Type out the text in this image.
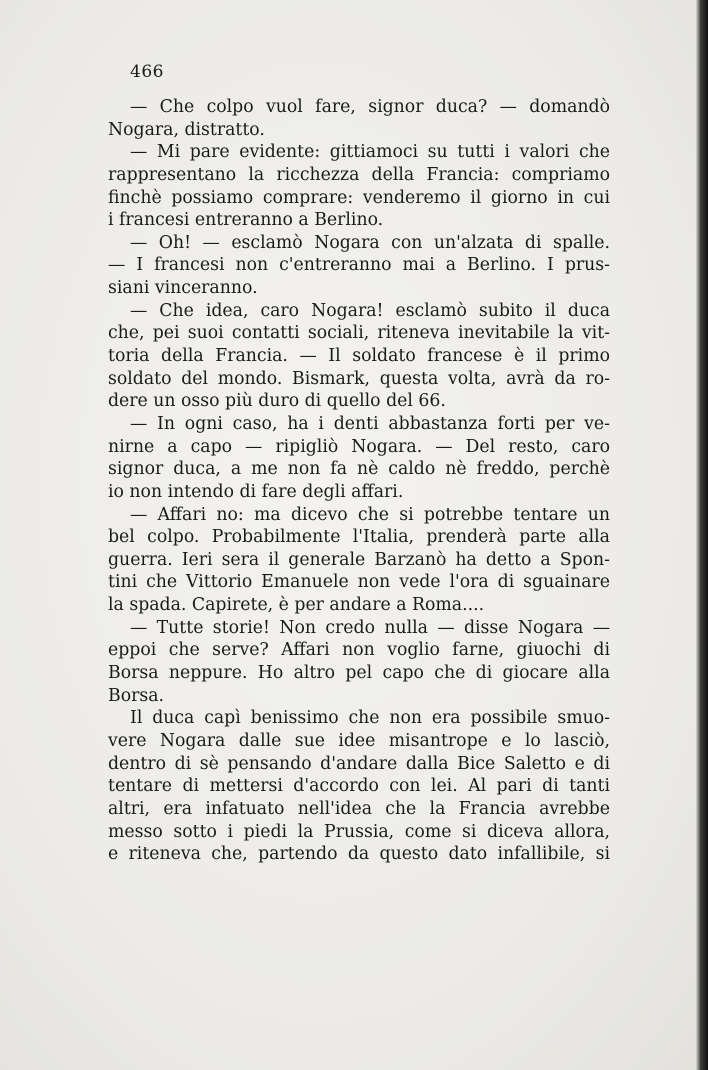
466
— Che colpo vuol fare, signor duca? — domandò
Nogara, distratto.
— Mi pare evidente: gittiamoci su tutti i valori che
rappresentano la ricchezza della Francia: compriamo
finchè possiamo comprare: venderemo il giorno in cui
i francesi entreranno a Berlino.
— Oh! — esclamò Nogara con un'alzata di spalle.
— I francesi non c'entreranno mai a Berlino. I prus-
siani vinceranno.
— Che idea, caro Nogara! esclamò subito il duca
che, pei suoi contatti sociali, riteneva inevitabile la vit-
toria della Francia. — Il soldato francese è il primo
soldato del mondo. Bismark, questa volta, avrà da ro-
dere un osso più duro di quello del 66.
— In ogni caso, ha i denti abbastanza forti per ve-
nirne a capo — ripigliò Nogara. — Del resto, caro
signor duca, a me non fa nè caldo nè freddo, perchè
io non intendo di fare degli affari.
— Affari no: ma dicevo che si potrebbe tentare un
bel colpo. Probabilmente l'Italia, prenderà parte alla
guerra. Ieri sera il generale Barzanò ha detto a Spon-
tini che Vittorio Emanuele non vede l'ora di sguainare
la spada. Capirete, è per andare a Roma....
— Tutte storie! Non credo nulla — disse Nogara —
eppoi che serve? Affari non voglio farne, giuochi di
Borsa neppure. Ho altro pel capo che di giocare alla
Borsa.
Il duca capì benissimo che non era possibile smuo-
vere Nogara dalle sue idee misantrope e lo lasciò,
dentro di sè pensando d'andare dalla Bice Saletto e di
tentare di mettersi d'accordo con lei. Al pari di tanti
altri, era infatuato nell'idea che la Francia avrebbe
messo sotto i piedi la Prussia, come si diceva allora,
e riteneva che, partendo da questo dato infallibile, si
